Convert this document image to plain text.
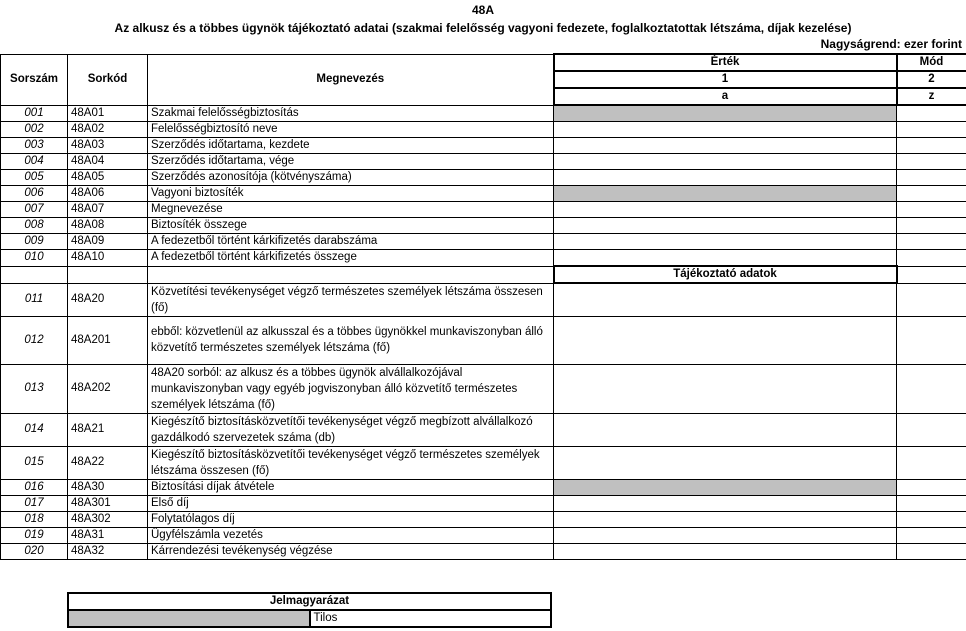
48A
Az alkusz és a többes ügynök tájékoztató adatai (szakmai felelősség vagyoni fedezete, foglalkoztatottak létszáma, díjak kezelése)
Nagyságrend: ezer forint
Sorszám	Sorkód	Megnevezés	Érték	Mód
			1	2
			a	z
001	48A01	Szakmai felelősségbiztosítás		
002	48A02	Felelősségbiztosító neve		
003	48A03	Szerződés időtartama, kezdete		
004	48A04	Szerződés időtartama, vége		
005	48A05	Szerződés azonosítója (kötvényszáma)		
006	48A06	Vagyoni biztosíték		
007	48A07	Megnevezése		
008	48A08	Biztosíték összege		
009	48A09	A fedezetből történt kárkifizetés darabszáma		
010	48A10	A fedezetből történt kárkifizetés összege		
			Tájékoztató adatok	
011	48A20	Közvetítési tevékenységet végző természetes személyek létszáma összesen (fő)		
012	48A201	ebből: közvetlenül az alkusszal és a többes ügynökkel munkaviszonyban álló közvetítő természetes személyek létszáma (fő)		
013	48A202	48A20 sorból: az alkusz és a többes ügynök alvállalkozójával munkaviszonyban vagy egyéb jogviszonyban álló közvetítő természetes személyek létszáma (fő)		
014	48A21	Kiegészítő biztosításközvetítői tevékenységet végző megbízott alvállalkozó gazdálkodó szervezetek száma (db)		
015	48A22	Kiegészítő biztosításközvetítői tevékenységet végző természetes személyek létszáma összesen (fő)		
016	48A30	Biztosítási díjak átvétele		
017	48A301	Első díj		
018	48A302	Folytatólagos díj		
019	48A31	Ügyfélszámla vezetés		
020	48A32	Kárrendezési tevékenység végzése		
Jelmagyarázat
	Tilos
